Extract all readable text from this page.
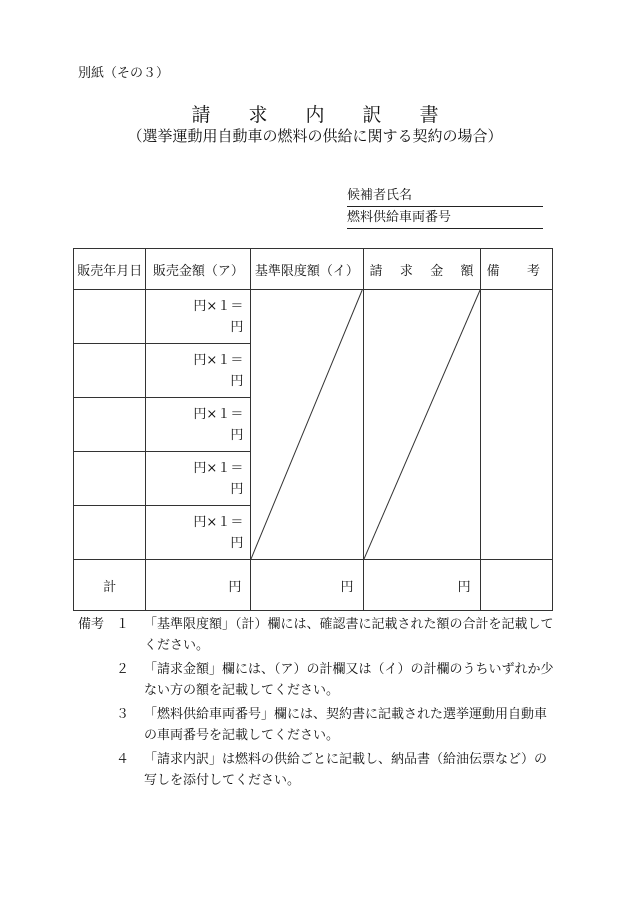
別紙（その３）
請　　求　　内　　訳　　書
（選挙運動用自動車の燃料の供給に関する契約の場合）
候補者氏名
燃料供給車両番号
販売年月日	販売金額（ア）	基準限度額（イ）	請 求 金 額	備 考

	円×１＝
円

	円×１＝
円			

	円×１＝
円			

	円×１＝
円			

	円×１＝
円			

計	円	円	円	
備考 １	「基準限度額」（計）欄には、確認書に記載された額の合計を記載してください。
２	「請求金額」欄には、（ア）の計欄又は（イ）の計欄のうちいずれか少ない方の額を記載してください。
３	「燃料供給車両番号」欄には、契約書に記載された選挙運動用自動車の車両番号を記載してください。
４	「請求内訳」は燃料の供給ごとに記載し、納品書（給油伝票など）の写しを添付してください。
